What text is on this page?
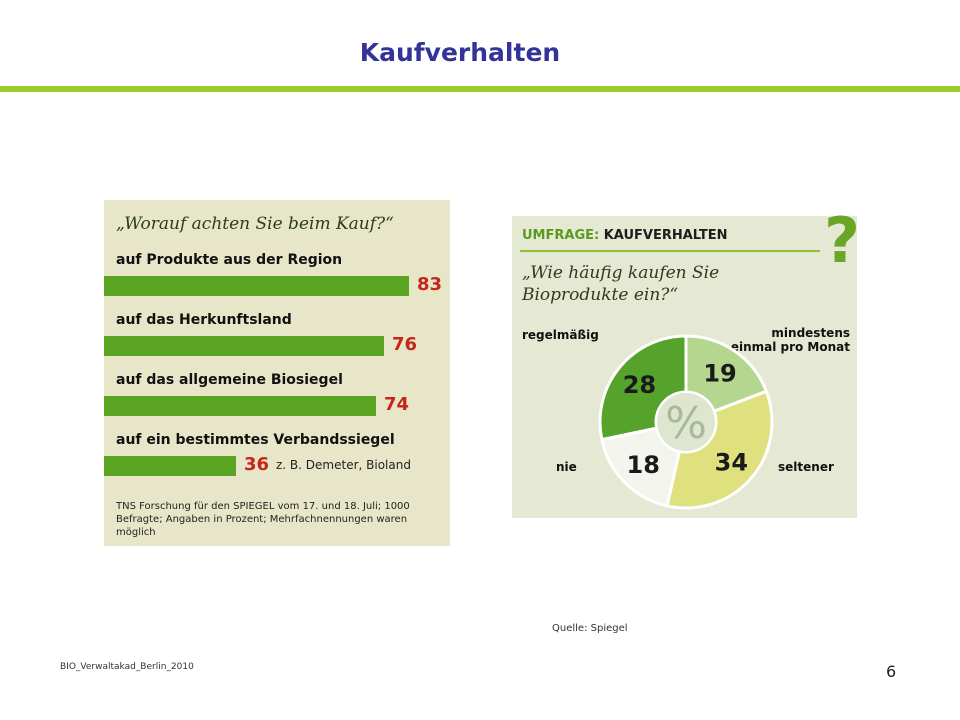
Kaufverhalten
„Worauf achten Sie beim Kauf?“
auf Produkte aus der Region
83
auf das Herkunftsland
76
auf das allgemeine Biosiegel
74
auf ein bestimmtes Verbandssiegel
36 z. B. Demeter, Bioland
TNS Forschung für den SPIEGEL vom 17. und 18. Juli; 1000 Befragte; Angaben in Prozent; Mehrfachnennungen waren möglich
UMFRAGE: KAUFVERHALTEN ?
„Wie häufig kaufen Sie Bioprodukte ein?“
regelmäßig	mindestens einmal pro Monat
nie	seltener
19
34
18
28
%
Quelle: Spiegel
BIO_Verwaltakad_Berlin_2010	6
